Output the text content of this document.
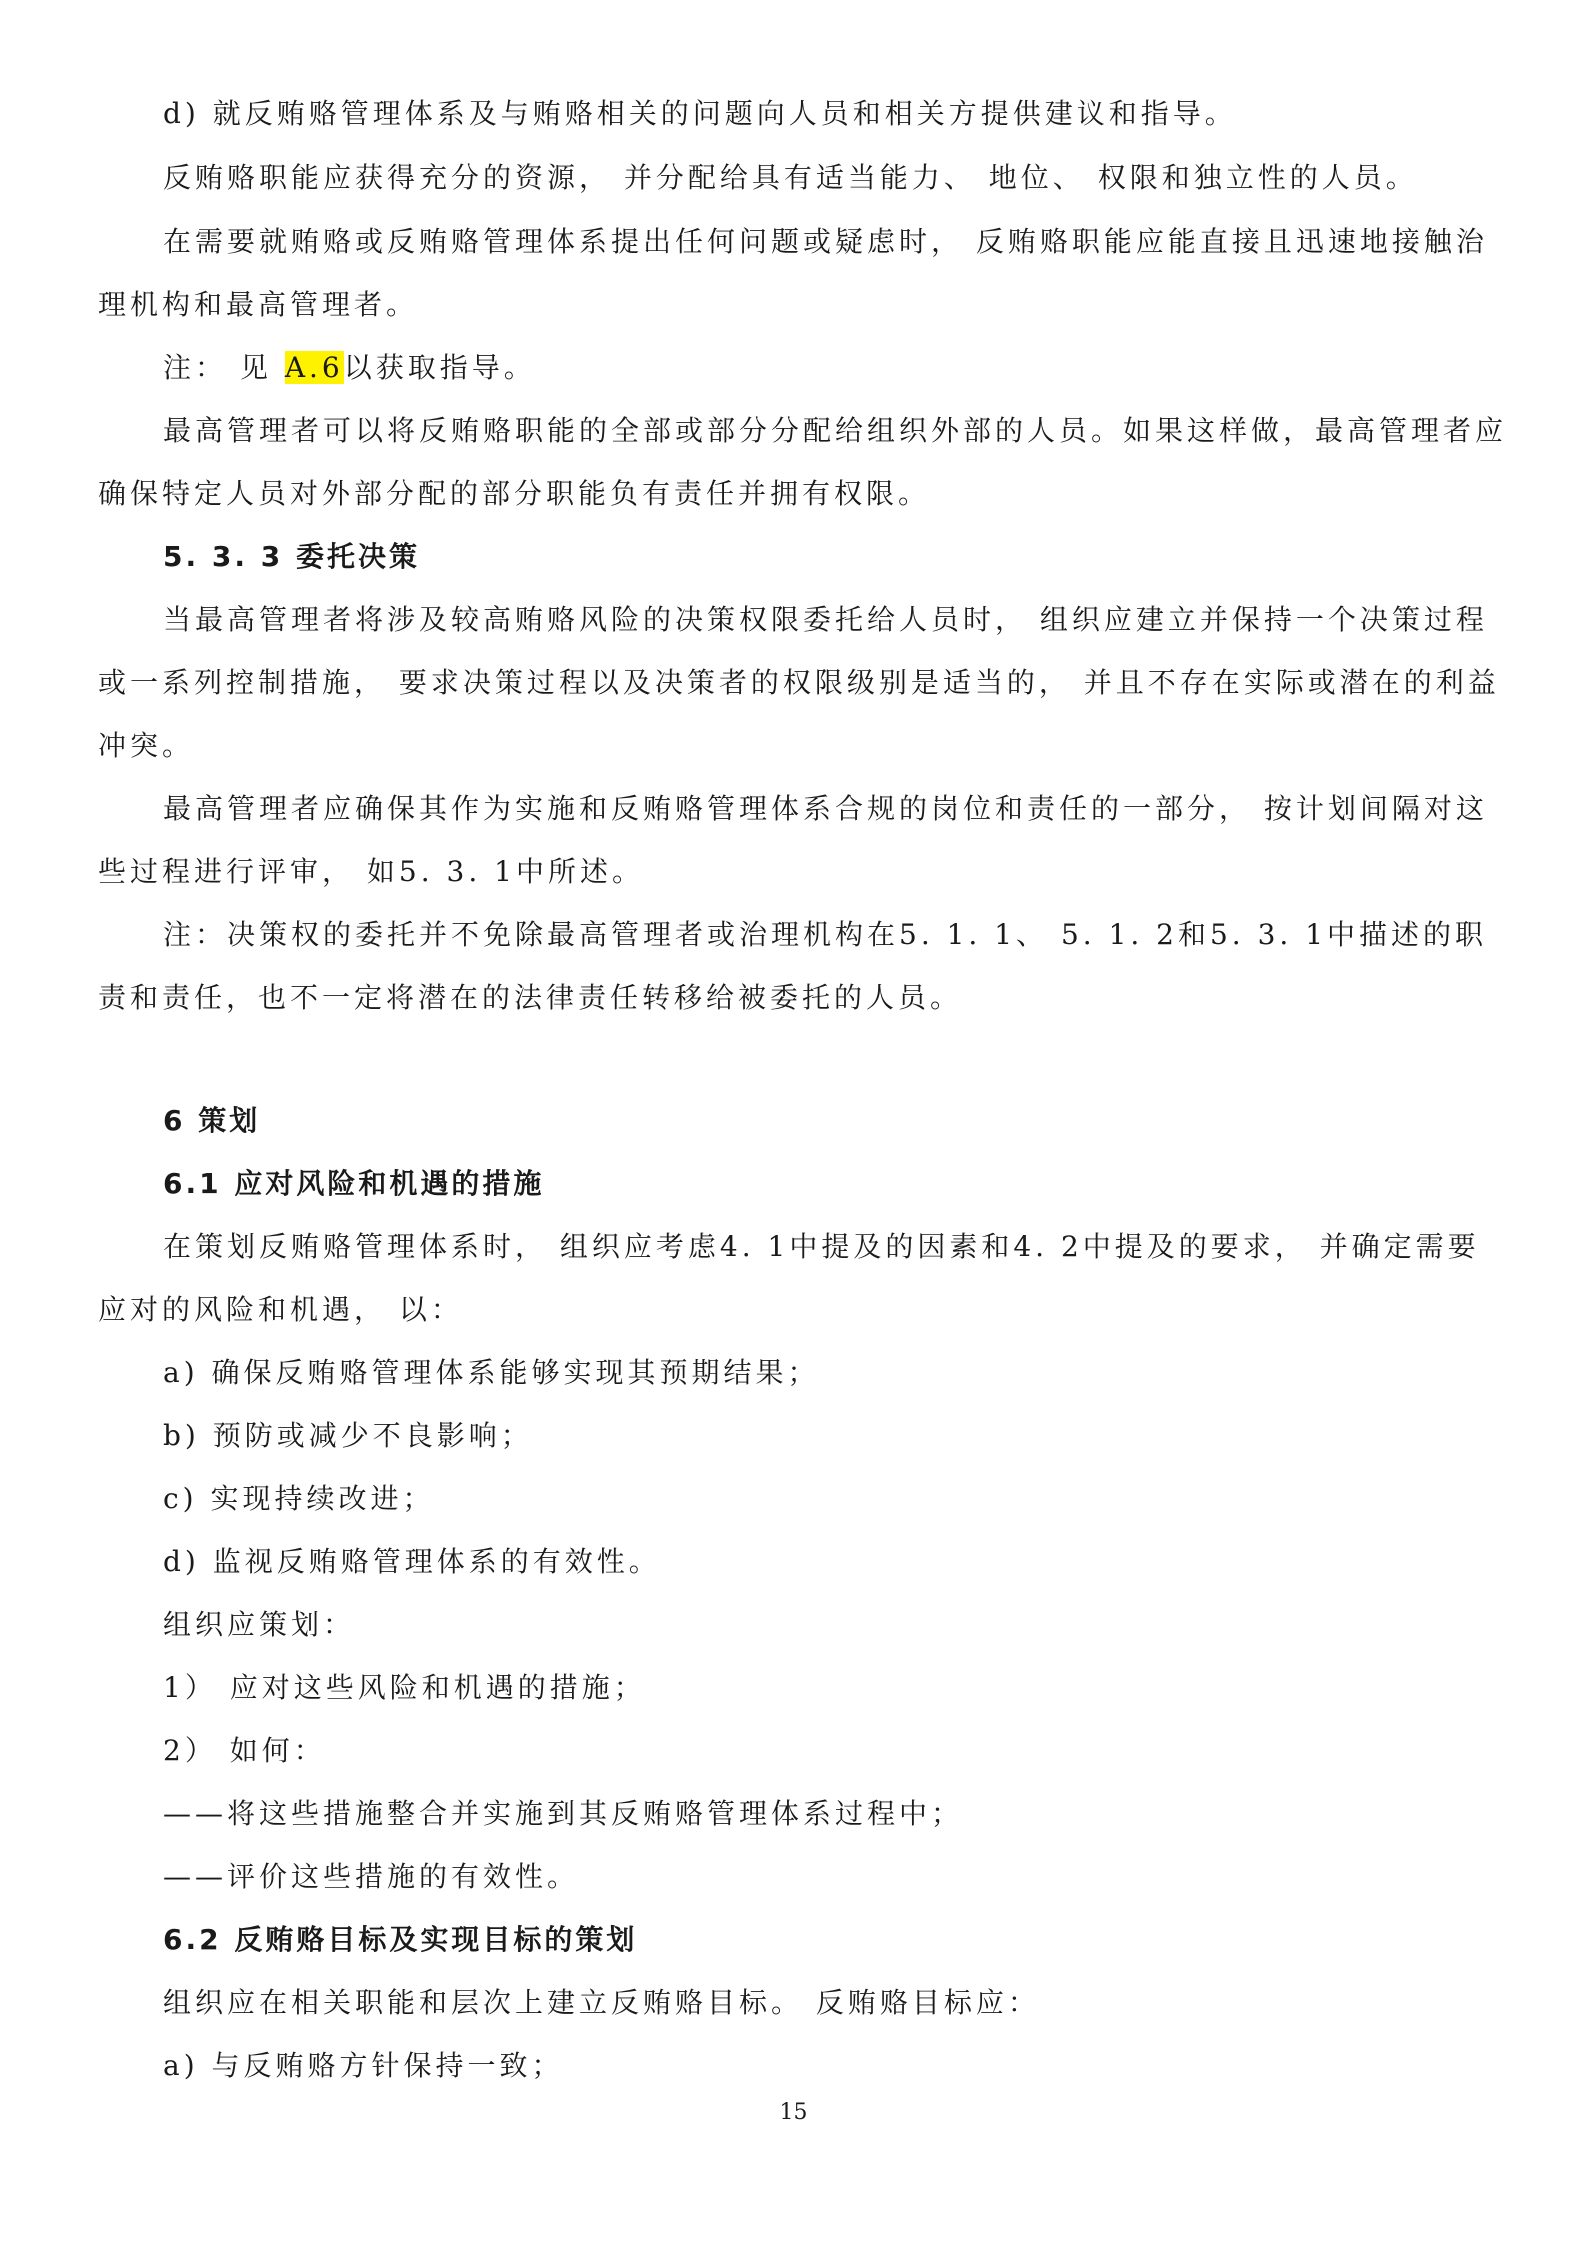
d) 就反贿赂管理体系及与贿赂相关的问题向人员和相关方提供建议和指导。
反贿赂职能应获得充分的资源， 并分配给具有适当能力、 地位、 权限和独立性的人员。
在需要就贿赂或反贿赂管理体系提出任何问题或疑虑时， 反贿赂职能应能直接且迅速地接触治
理机构和最高管理者。
注： 见 A.6以获取指导。
最高管理者可以将反贿赂职能的全部或部分分配给组织外部的人员。如果这样做，最高管理者应
确保特定人员对外部分配的部分职能负有责任并拥有权限。
5. 3. 3 委托决策
当最高管理者将涉及较高贿赂风险的决策权限委托给人员时， 组织应建立并保持一个决策过程
或一系列控制措施， 要求决策过程以及决策者的权限级别是适当的， 并且不存在实际或潜在的利益
冲突。
最高管理者应确保其作为实施和反贿赂管理体系合规的岗位和责任的一部分， 按计划间隔对这
些过程进行评审， 如5. 3. 1中所述。
注：决策权的委托并不免除最高管理者或治理机构在5. 1. 1、 5. 1. 2和5. 3. 1中描述的职
责和责任，也不一定将潜在的法律责任转移给被委托的人员。
6 策划
6.1 应对风险和机遇的措施
在策划反贿赂管理体系时， 组织应考虑4. 1中提及的因素和4. 2中提及的要求， 并确定需要
应对的风险和机遇， 以：
a) 确保反贿赂管理体系能够实现其预期结果；
b) 预防或减少不良影响；
c) 实现持续改进；
d) 监视反贿赂管理体系的有效性。
组织应策划：
1） 应对这些风险和机遇的措施；
2） 如何：
——将这些措施整合并实施到其反贿赂管理体系过程中；
——评价这些措施的有效性。
6.2 反贿赂目标及实现目标的策划
组织应在相关职能和层次上建立反贿赂目标。 反贿赂目标应：
a) 与反贿赂方针保持一致；
15
